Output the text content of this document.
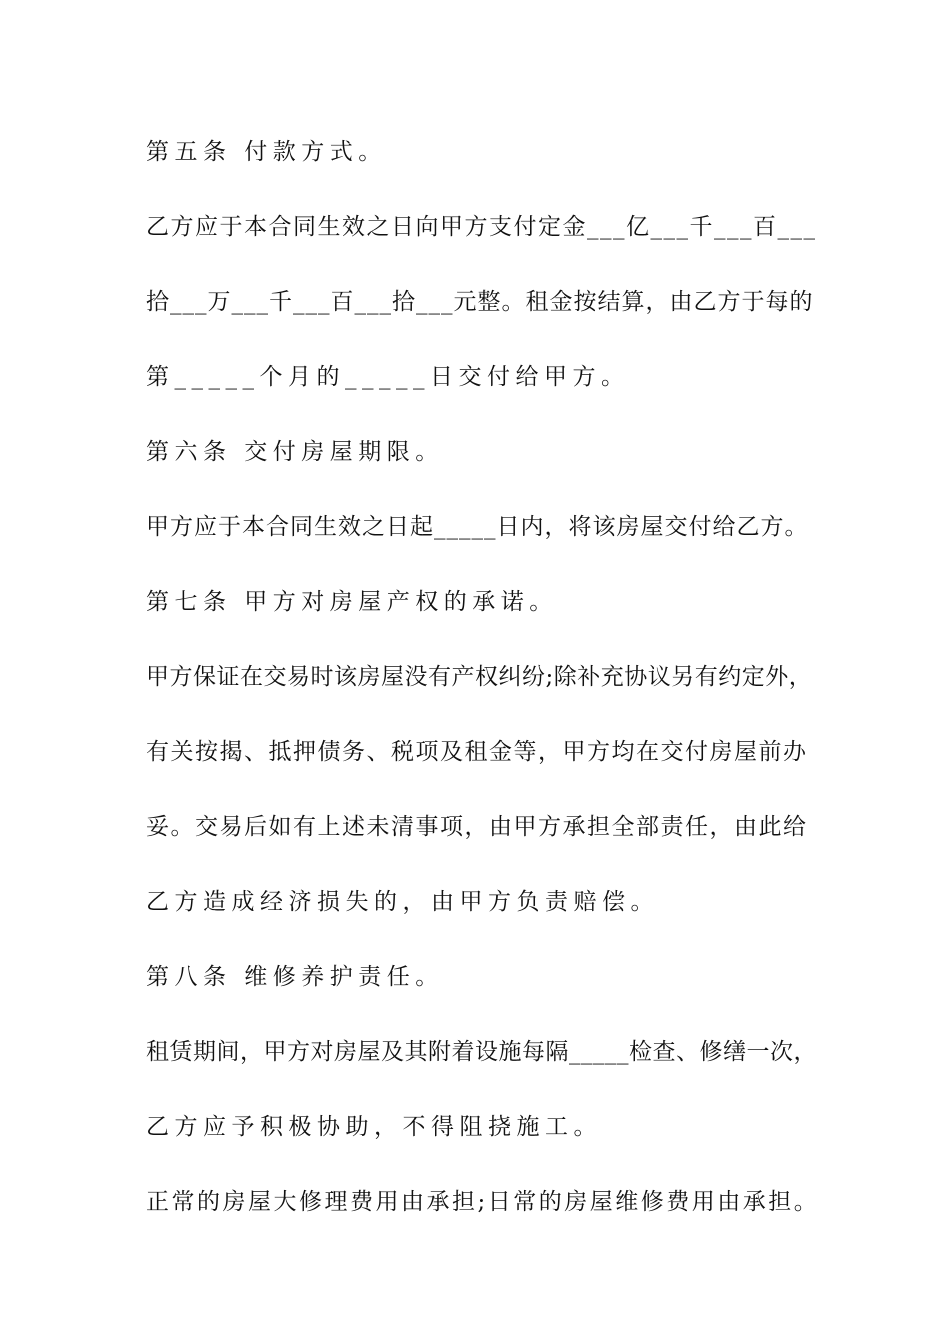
第五条 付款方式。
乙方应于本合同生效之日向甲方支付定金___亿___千___百___
拾___万___千___百___拾___元整。租金按结算，由乙方于每的
第_____个月的_____日交付给甲方。
第六条 交付房屋期限。
甲方应于本合同生效之日起_____日内，将该房屋交付给乙方。
第七条 甲方对房屋产权的承诺。
甲方保证在交易时该房屋没有产权纠纷;除补充协议另有约定外，
有关按揭、抵押债务、税项及租金等，甲方均在交付房屋前办
妥。交易后如有上述未清事项，由甲方承担全部责任，由此给
乙方造成经济损失的，由甲方负责赔偿。
第八条 维修养护责任。
租赁期间，甲方对房屋及其附着设施每隔_____检查、修缮一次，
乙方应予积极协助，不得阻挠施工。
正常的房屋大修理费用由承担;日常的房屋维修费用由承担。
